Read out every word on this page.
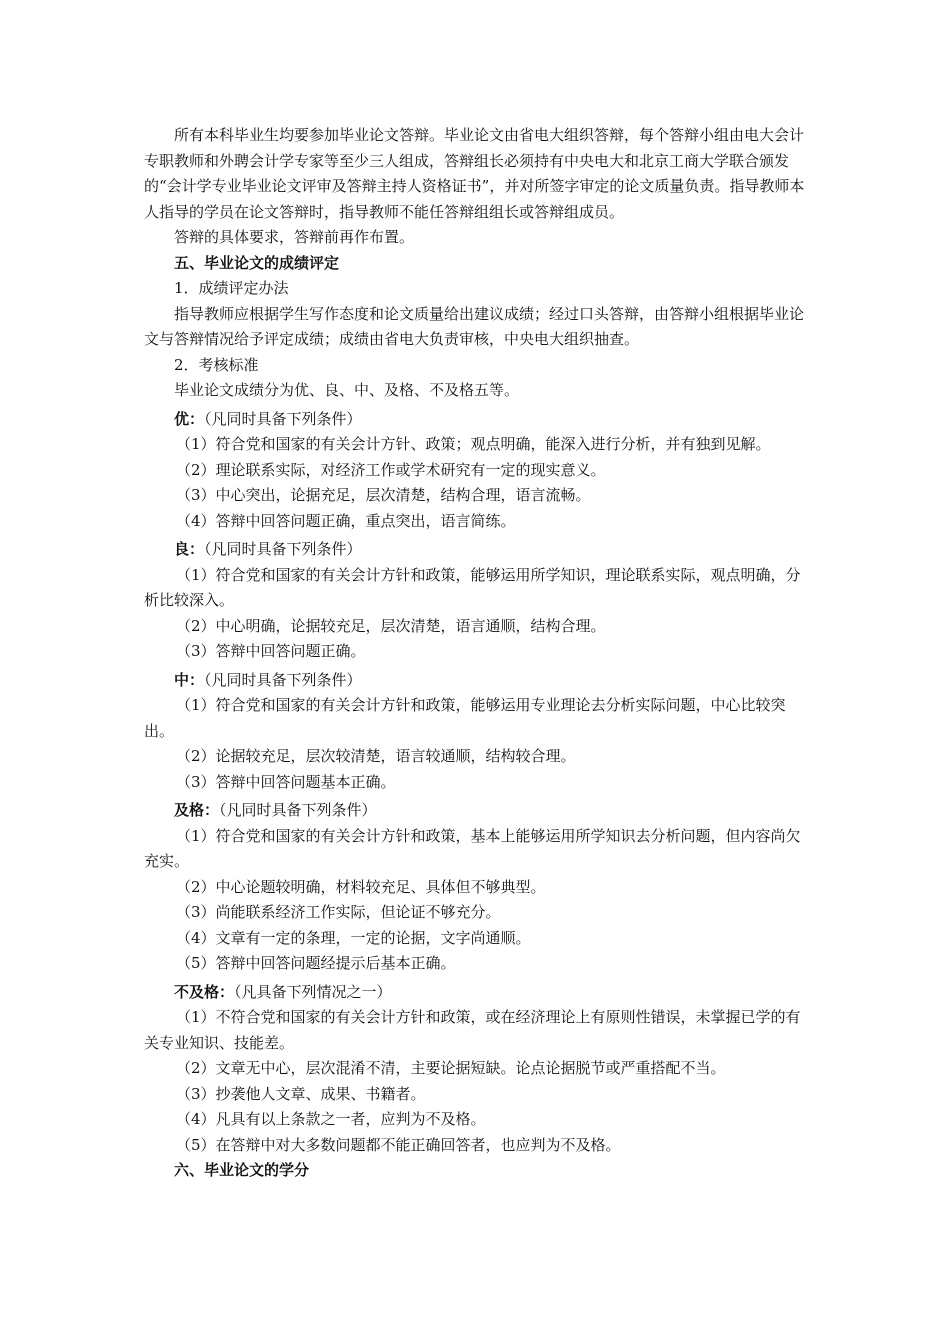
所有本科毕业生均要参加毕业论文答辩。毕业论文由省电大组织答辩，每个答辩小组由电大会计专职教师和外聘会计学专家等至少三人组成，答辩组长必须持有中央电大和北京工商大学联合颁发的“会计学专业毕业论文评审及答辩主持人资格证书”，并对所签字审定的论文质量负责。指导教师本人指导的学员在论文答辩时，指导教师不能任答辩组组长或答辩组成员。

答辩的具体要求，答辩前再作布置。

五、毕业论文的成绩评定

1．成绩评定办法

指导教师应根据学生写作态度和论文质量给出建议成绩；经过口头答辩，由答辩小组根据毕业论文与答辩情况给予评定成绩；成绩由省电大负责审核，中央电大组织抽查。

2．考核标准

毕业论文成绩分为优、良、中、及格、不及格五等。

优：（凡同时具备下列条件）

（1）符合党和国家的有关会计方针、政策；观点明确，能深入进行分析，并有独到见解。

（2）理论联系实际，对经济工作或学术研究有一定的现实意义。

（3）中心突出，论据充足，层次清楚，结构合理，语言流畅。

（4）答辩中回答问题正确，重点突出，语言简练。

良：（凡同时具备下列条件）

（1）符合党和国家的有关会计方针和政策，能够运用所学知识，理论联系实际，观点明确，分析比较深入。

（2）中心明确，论据较充足，层次清楚，语言通顺，结构合理。

（3）答辩中回答问题正确。

中：（凡同时具备下列条件）

（1）符合党和国家的有关会计方针和政策，能够运用专业理论去分析实际问题，中心比较突出。

（2）论据较充足，层次较清楚，语言较通顺，结构较合理。

（3）答辩中回答问题基本正确。

及格：（凡同时具备下列条件）

（1）符合党和国家的有关会计方针和政策，基本上能够运用所学知识去分析问题，但内容尚欠充实。

（2）中心论题较明确，材料较充足、具体但不够典型。

（3）尚能联系经济工作实际，但论证不够充分。

（4）文章有一定的条理，一定的论据，文字尚通顺。

（5）答辩中回答问题经提示后基本正确。

不及格：（凡具备下列情况之一）

（1）不符合党和国家的有关会计方针和政策，或在经济理论上有原则性错误，未掌握已学的有关专业知识、技能差。

（2）文章无中心，层次混淆不清，主要论据短缺。论点论据脱节或严重搭配不当。

（3）抄袭他人文章、成果、书籍者。

（4）凡具有以上条款之一者，应判为不及格。

（5）在答辩中对大多数问题都不能正确回答者，也应判为不及格。

六、毕业论文的学分
